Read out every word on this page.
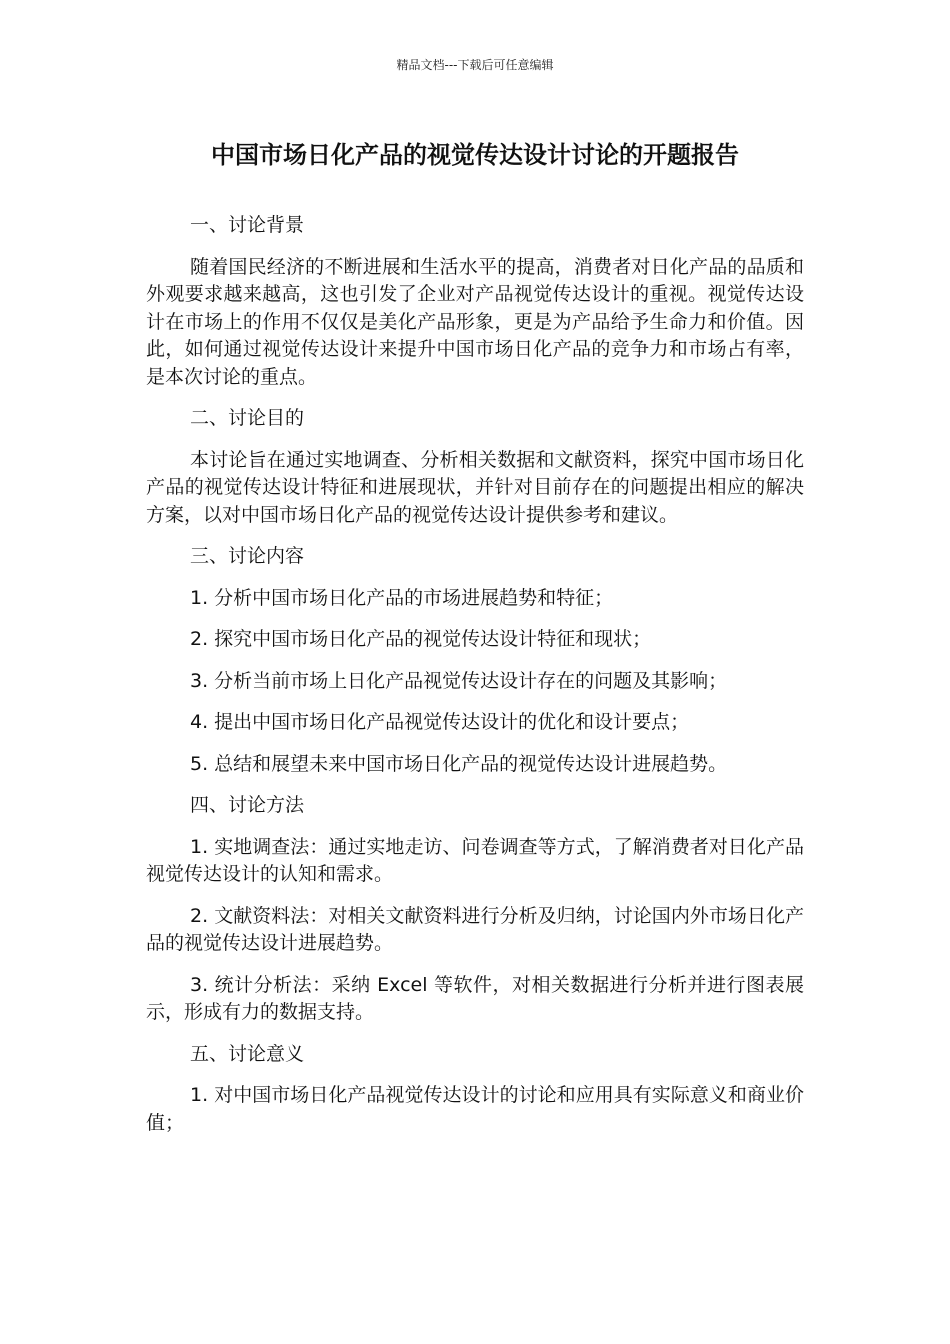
精品文档---下载后可任意编辑
中国市场日化产品的视觉传达设计讨论的开题报告

一、讨论背景

随着国民经济的不断进展和生活水平的提高，消费者对日化产品的品质和外观要求越来越高，这也引发了企业对产品视觉传达设计的重视。视觉传达设计在市场上的作用不仅仅是美化产品形象，更是为产品给予生命力和价值。因此，如何通过视觉传达设计来提升中国市场日化产品的竞争力和市场占有率，是本次讨论的重点。

二、讨论目的

本讨论旨在通过实地调查、分析相关数据和文献资料，探究中国市场日化产品的视觉传达设计特征和进展现状，并针对目前存在的问题提出相应的解决方案，以对中国市场日化产品的视觉传达设计提供参考和建议。

三、讨论内容

1. 分析中国市场日化产品的市场进展趋势和特征；

2. 探究中国市场日化产品的视觉传达设计特征和现状；

3. 分析当前市场上日化产品视觉传达设计存在的问题及其影响；

4. 提出中国市场日化产品视觉传达设计的优化和设计要点；

5. 总结和展望未来中国市场日化产品的视觉传达设计进展趋势。

四、讨论方法

1. 实地调查法：通过实地走访、问卷调查等方式，了解消费者对日化产品视觉传达设计的认知和需求。

2. 文献资料法：对相关文献资料进行分析及归纳，讨论国内外市场日化产品的视觉传达设计进展趋势。

3. 统计分析法：采纳 Excel 等软件，对相关数据进行分析并进行图表展示，形成有力的数据支持。

五、讨论意义

1. 对中国市场日化产品视觉传达设计的讨论和应用具有实际意义和商业价值；
